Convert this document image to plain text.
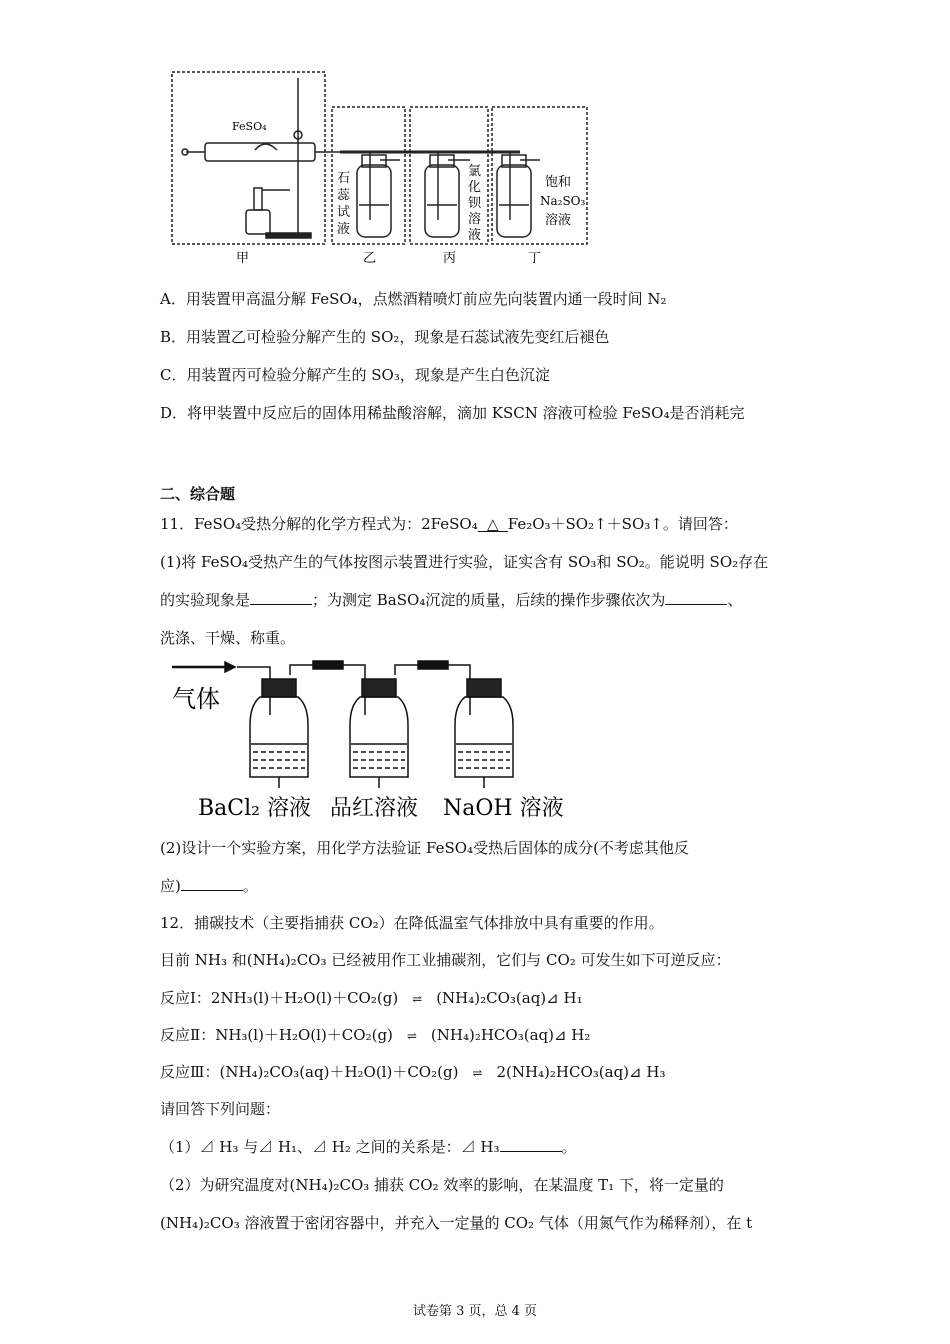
FeSO₄
石
蕊
试
液
氯
化
钡
溶
液
饱和
Na₂SO₃
溶液
甲	乙	丙	丁
A．用装置甲高温分解 FeSO₄，点燃酒精喷灯前应先向装置内通一段时间 N₂
B．用装置乙可检验分解产生的 SO₂，现象是石蕊试液先变红后褪色
C．用装置丙可检验分解产生的 SO₃，现象是产生白色沉淀
D．将甲装置中反应后的固体用稀盐酸溶解，滴加 KSCN 溶液可检验 FeSO₄是否消耗完
二、综合题
11．FeSO₄受热分解的化学方程式为：2FeSO₄ △ Fe₂O₃＋SO₂↑＋SO₃↑。请回答：
(1)将 FeSO₄受热产生的气体按图示装置进行实验，证实含有 SO₃和 SO₂。能说明 SO₂存在
的实验现象是	；为测定 BaSO₄沉淀的质量，后续的操作步骤依次为	、
洗涤、干燥、称重。
气体
BaCl₂ 溶液 品红溶液 NaOH 溶液
(2)设计一个实验方案，用化学方法验证 FeSO₄受热后固体的成分(不考虑其他反
应)	。
12．捕碳技术（主要指捕获 CO₂）在降低温室气体排放中具有重要的作用。
目前 NH₃ 和(NH₄)₂CO₃ 已经被用作工业捕碳剂，它们与 CO₂ 可发生如下可逆反应：
反应Ⅰ：2NH₃(l)＋H₂O(l)＋CO₂(g) ⇌ (NH₄)₂CO₃(aq)⊿ H₁
反应Ⅱ：NH₃(l)＋H₂O(l)＋CO₂(g) ⇌ (NH₄)₂HCO₃(aq)⊿ H₂
反应Ⅲ：(NH₄)₂CO₃(aq)＋H₂O(l)＋CO₂(g) ⇌ 2(NH₄)₂HCO₃(aq)⊿ H₃
请回答下列问题：
（1）⊿ H₃ 与⊿ H₁、⊿ H₂ 之间的关系是：⊿ H₃	。
（2）为研究温度对(NH₄)₂CO₃ 捕获 CO₂ 效率的影响，在某温度 T₁ 下，将一定量的
(NH₄)₂CO₃ 溶液置于密闭容器中，并充入一定量的 CO₂ 气体（用氮气作为稀释剂），在 t
试卷第 3 页，总 4 页
